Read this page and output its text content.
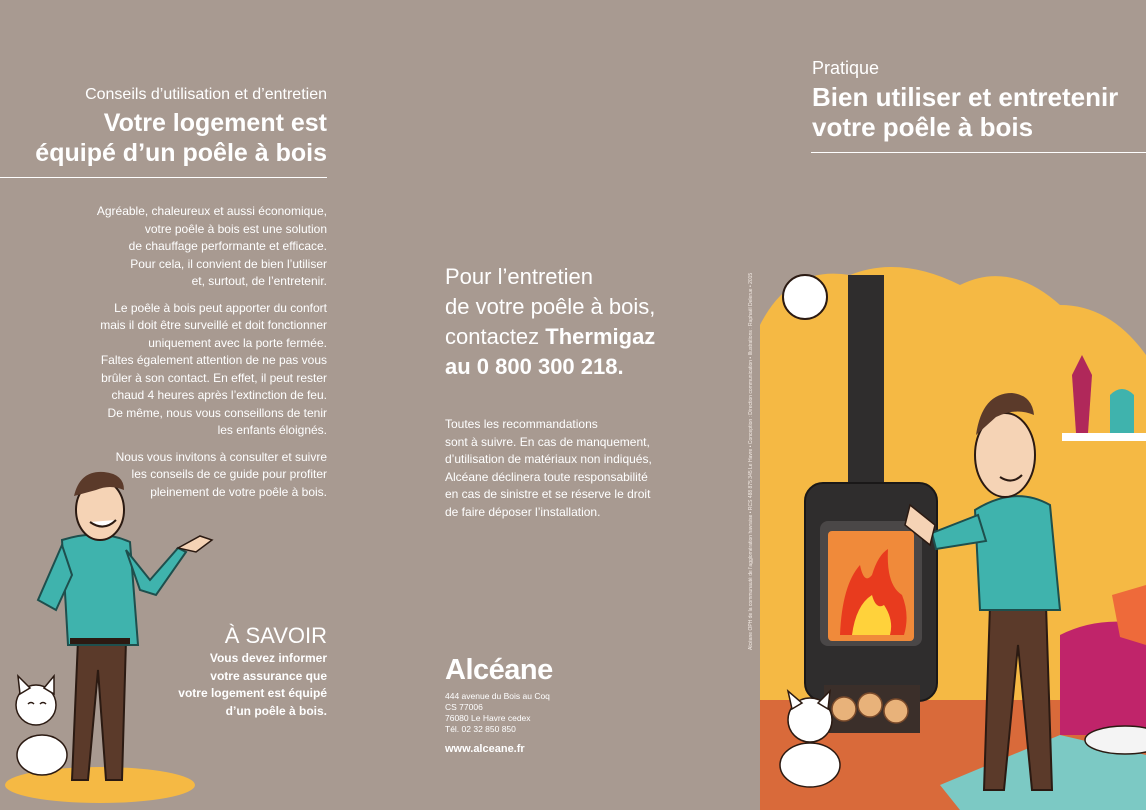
Conseils d’utilisation et d’entretien
Votre logement est
équipé d’un poêle à bois

Agréable, chaleureux et aussi économique,
votre poêle à bois est une solution
de chauffage performante et efficace.
Pour cela, il convient de bien l’utiliser
et, surtout, de l’entretenir.

Le poêle à bois peut apporter du confort
mais il doit être surveillé et doit fonctionner
uniquement avec la porte fermée.
Faltes également attention de ne pas vous
brûler à son contact. En effet, il peut rester
chaud 4 heures après l’extinction de feu.
De même, nous vous conseillons de tenir
les enfants éloignés.

Nous vous invitons à consulter et suivre
les conseils de ce guide pour profiter
pleinement de votre poêle à bois.

À SAVOIR
Vous devez informer
votre assurance que
votre logement est équipé
d’un poêle à bois.
Pour l’entretien
de votre poêle à bois,
contactez Thermigaz
au 0 800 300 218.
Toutes les recommandations
sont à suivre. En cas de manquement,
d’utilisation de matériaux non indiqués,
Alcéane déclinera toute responsabilité
en cas de sinistre et se réserve le droit
de faire déposer l’installation.
Alcéane
444 avenue du Bois au Coq
CS 77006
76080 Le Havre cedex
Tél. 02 32 850 850
www.alceane.fr
Alcéane OPH de la communauté de l’agglomération havraise • RCS 488 875 345 Le Havre • Conception : Direction communication • Illustrations : Raphaël Delerue • 2015
Pratique
Bien utiliser et entretenir
votre poêle à bois
